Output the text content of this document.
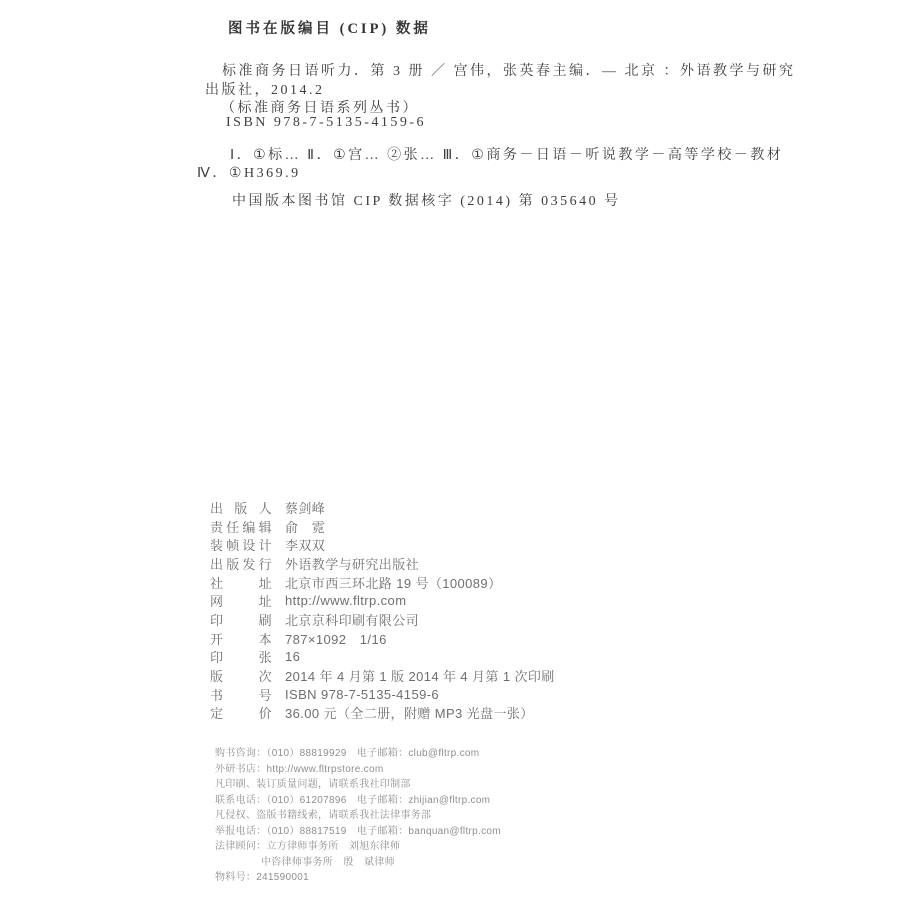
图书在版编目 (CIP) 数据
标准商务日语听力．第 3 册 ／ 宫伟，张英春主编．— 北京 ：外语教学与研究
出版社，2014.2
（标准商务日语系列丛书）
ISBN 978-7-5135-4159-6
Ⅰ．①标… Ⅱ．①宫… ②张… Ⅲ．①商务－日语－听说教学－高等学校－教材
Ⅳ．①H369.9
中国版本图书馆 CIP 数据核字 (2014) 第 035640 号
出版人 蔡剑峰
责任编辑 俞　霓
装帧设计 李双双
出版发行 外语教学与研究出版社
社址 北京市西三环北路 19 号（100089）
网址 http://www.fltrp.com
印刷 北京京科印刷有限公司
开本 787×1092　1/16
印张 16
版次 2014 年 4 月第 1 版 2014 年 4 月第 1 次印刷
书号 ISBN 978-7-5135-4159-6
定价 36.00 元（全二册，附赠 MP3 光盘一张）
购书咨询：（010）88819929　电子邮箱：club@fltrp.com
外研书店：http://www.fltrpstore.com
凡印刷、装订质量问题，请联系我社印制部
联系电话：（010）61207896　电子邮箱：zhijian@fltrp.com
凡侵权、盗版书籍线索，请联系我社法律事务部
举报电话：（010）88817519　电子邮箱：banquan@fltrp.com
法律顾问：立方律师事务所　刘旭东律师
中咨律师事务所　殷　斌律师
物料号：241590001
